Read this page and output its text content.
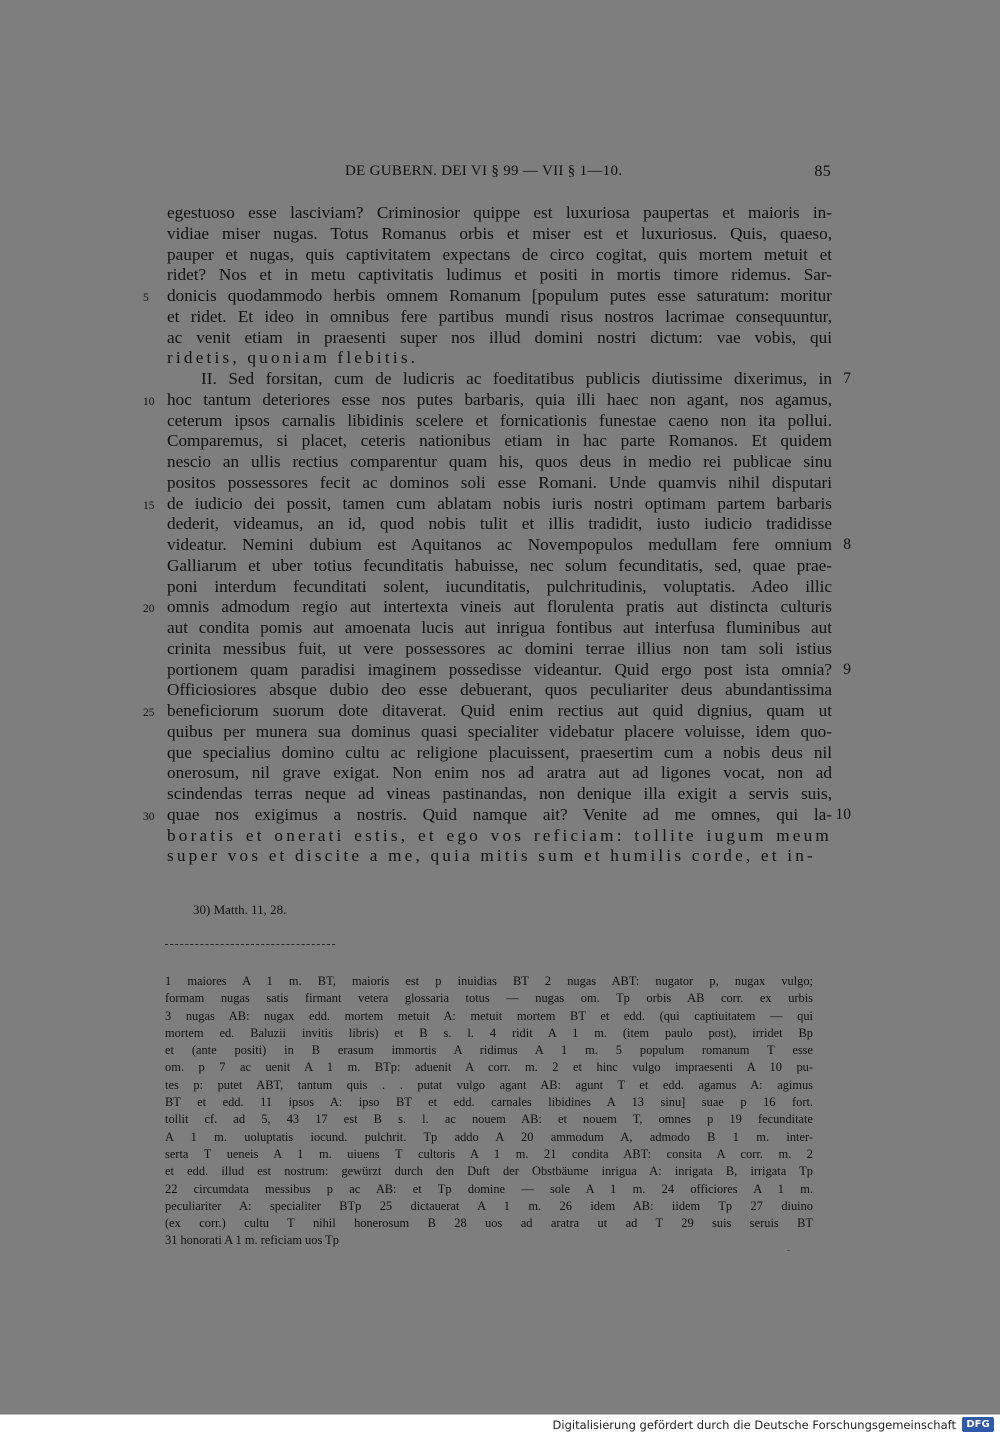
DE GUBERN. DEI VI § 99 — VII § 1—10.	85
egestuoso esse lasciviam? Criminosior quippe est luxuriosa paupertas et maioris in-
vidiae miser nugas. Totus Romanus orbis et miser est et luxuriosus. Quis, quaeso,
pauper et nugas, quis captivitatem expectans de circo cogitat, quis mortem metuit et
ridet? Nos et in metu captivitatis ludimus et positi in mortis timore ridemus. Sar-
donicis quodammodo herbis omnem Romanum [populum putes esse saturatum: moritur
5
et ridet. Et ideo in omnibus fere partibus mundi risus nostros lacrimae consequuntur,
ac venit etiam in praesenti super nos illud domini nostri dictum: vae vobis, qui
ridetis, quoniam flebitis.
II. Sed forsitan, cum de ludicris ac foeditatibus publicis diutissime dixerimus, in 7
hoc tantum deteriores esse nos putes barbaris, quia illi haec non agant, nos agamus,
10
ceterum ipsos carnalis libidinis scelere et fornicationis funestae caeno non ita pollui.
Comparemus, si placet, ceteris nationibus etiam in hac parte Romanos. Et quidem
nescio an ullis rectius comparentur quam his, quos deus in medio rei publicae sinu
positos possessores fecit ac dominos soli esse Romani. Unde quamvis nihil disputari
de iudicio dei possit, tamen cum ablatam nobis iuris nostri optimam partem barbaris
15
dederit, videamus, an id, quod nobis tulit et illis tradidit, iusto iudicio tradidisse
videatur. Nemini dubium est Aquitanos ac Novempopulos medullam fere omnium 8
Galliarum et uber totius fecunditatis habuisse, nec solum fecunditatis, sed, quae prae-
poni interdum fecunditati solent, iucunditatis, pulchritudinis, voluptatis. Adeo illic
omnis admodum regio aut intertexta vineis aut florulenta pratis aut distincta culturis
20
aut condita pomis aut amoenata lucis aut inrigua fontibus aut interfusa fluminibus aut
crinita messibus fuit, ut vere possessores ac domini terrae illius non tam soli istius
portionem quam paradisi imaginem possedisse videantur. Quid ergo post ista omnia? 9
Officiosiores absque dubio deo esse debuerant, quos peculiariter deus abundantissima
beneficiorum suorum dote ditaverat. Quid enim rectius aut quid dignius, quam ut
25
quibus per munera sua dominus quasi specialiter videbatur placere voluisse, idem quo-
que specialius domino cultu ac religione placuissent, praesertim cum a nobis deus nil
onerosum, nil grave exigat. Non enim nos ad aratra aut ad ligones vocat, non ad
scindendas terras neque ad vineas pastinandas, non denique illa exigit a servis suis,
quae nos exigimus a nostris. Quid namque ait? Venite ad me omnes, qui la-
30	10
boratis et onerati estis, et ego vos reficiam: tollite iugum meum
super vos et discite a me, quia mitis sum et humilis corde, et in-
30) Matth. 11, 28.
1 maiores A 1 m. BT, maioris est p inuidias BT 2 nugas ABT: nugator p, nugax vulgo;
formam nugas satis firmant vetera glossaria totus — nugas om. Tp orbis AB corr. ex urbis
3 nugas AB: nugax edd. mortem metuit A: metuit mortem BT et edd. (qui captiuitatem — qui
mortem ed. Baluzii invitis libris) et B s. l. 4 ridit A 1 m. (item paulo post), irridet Bp
et (ante positi) in B erasum immortis A ridimus A 1 m. 5 populum romanum T esse
om. p 7 ac uenit A 1 m. BTp: aduenit A corr. m. 2 et hinc vulgo impraesenti A 10 pu-
tes p: putet ABT, tantum quis . . putat vulgo agant AB: agunt T et edd. agamus A: agimus
BT et edd. 11 ipsos A: ipso BT et edd. carnales libidines A 13 sinu] suae p 16 fort.
tollit cf. ad 5, 43 17 est B s. l. ac nouem AB: et nouem T, omnes p 19 fecunditate
A 1 m. uoluptatis iocund. pulchrit. Tp addo A 20 ammodum A, admodo B 1 m. inter-
serta T ueneis A 1 m. uiuens T cultoris A 1 m. 21 condita ABT: consita A corr. m. 2
et edd. illud est nostrum: gewürzt durch den Duft der Obstbäume inrigua A: inrigata B, irrigata Tp
22 circumdata messibus p ac AB: et Tp domine — sole A 1 m. 24 officiores A 1 m.
peculiariter A: specialiter BTp 25 dictauerat A 1 m. 26 idem AB: iidem Tp 27 diuino
(ex corr.) cultu T nihil honerosum B 28 uos ad aratra ut ad T 29 suis seruis BT
31 honorati A 1 m. reficiam uos Tp
Digitalisierung gefördert durch die Deutsche Forschungsgemeinschaft	DFG
